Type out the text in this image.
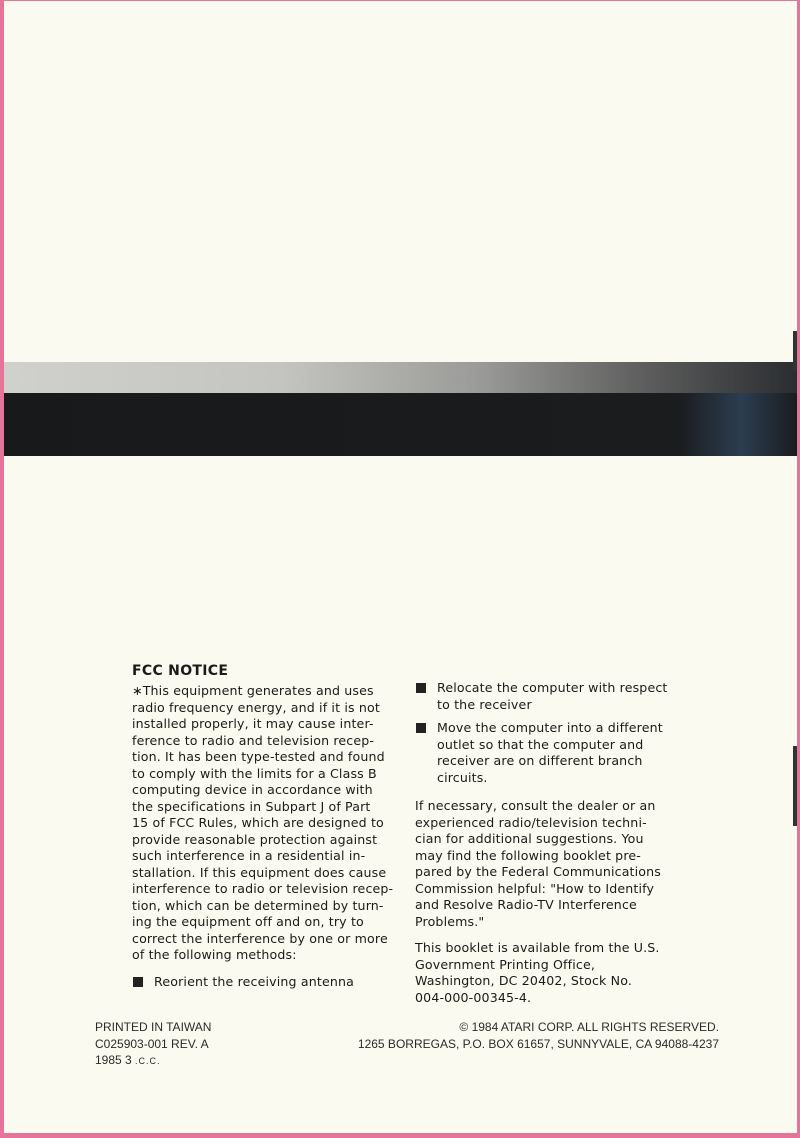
FCC NOTICE

∗This equipment generates and uses
radio frequency energy, and if it is not
installed properly, it may cause inter-
ference to radio and television recep-
tion. It has been type-tested and found
to comply with the limits for a Class B
computing device in accordance with
the specifications in Subpart J of Part
15 of FCC Rules, which are designed to
provide reasonable protection against
such interference in a residential in-
stallation. If this equipment does cause
interference to radio or television recep-
tion, which can be determined by turn-
ing the equipment off and on, try to
correct the interference by one or more
of the following methods:

Reorient the receiving antenna
Relocate the computer with respect
to the receiver
Move the computer into a different
outlet so that the computer and
receiver are on different branch
circuits.

If necessary, consult the dealer or an
experienced radio/television techni-
cian for additional suggestions. You
may find the following booklet pre-
pared by the Federal Communications
Commission helpful: "How to Identify
and Resolve Radio-TV Interference
Problems."

This booklet is available from the U.S.
Government Printing Office,
Washington, DC 20402, Stock No.
004-000-00345-4.

PRINTED IN TAIWAN
C025903-001 REV. A
1985 3 .C.C.
© 1984 ATARI CORP. ALL RIGHTS RESERVED.
1265 BORREGAS, P.O. BOX 61657, SUNNYVALE, CA 94088-4237
